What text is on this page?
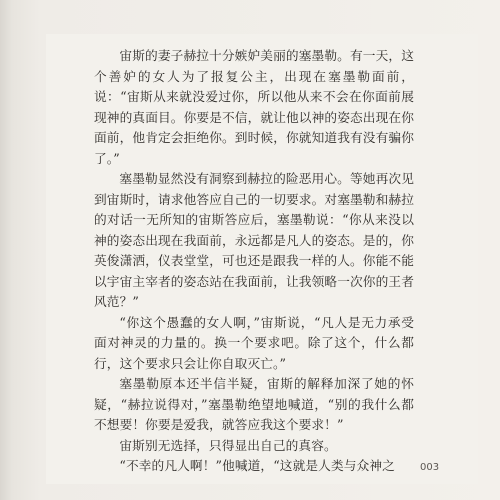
宙斯的妻子赫拉十分嫉妒美丽的塞墨勒。有一天，这个善妒的女人为了报复公主，出现在塞墨勒面前，说：“宙斯从来就没爱过你，所以他从来不会在你面前展现神的真面目。你要是不信，就让他以神的姿态出现在你面前，他肯定会拒绝你。到时候，你就知道我有没有骗你了。”

塞墨勒显然没有洞察到赫拉的险恶用心。等她再次见到宙斯时，请求他答应自己的一切要求。对塞墨勒和赫拉的对话一无所知的宙斯答应后，塞墨勒说：“你从来没以神的姿态出现在我面前，永远都是凡人的姿态。是的，你英俊潇洒，仪表堂堂，可也还是跟我一样的人。你能不能以宇宙主宰者的姿态站在我面前，让我领略一次你的王者风范？”

“你这个愚蠢的女人啊，”宙斯说，“凡人是无力承受面对神灵的力量的。换一个要求吧。除了这个，什么都行，这个要求只会让你自取灭亡。”

塞墨勒原本还半信半疑，宙斯的解释加深了她的怀疑，“赫拉说得对，”塞墨勒绝望地喊道，“别的我什么都不想要！你要是爱我，就答应我这个要求！”

宙斯别无选择，只得显出自己的真容。

“不幸的凡人啊！”他喊道，“这就是人类与众神之	003
